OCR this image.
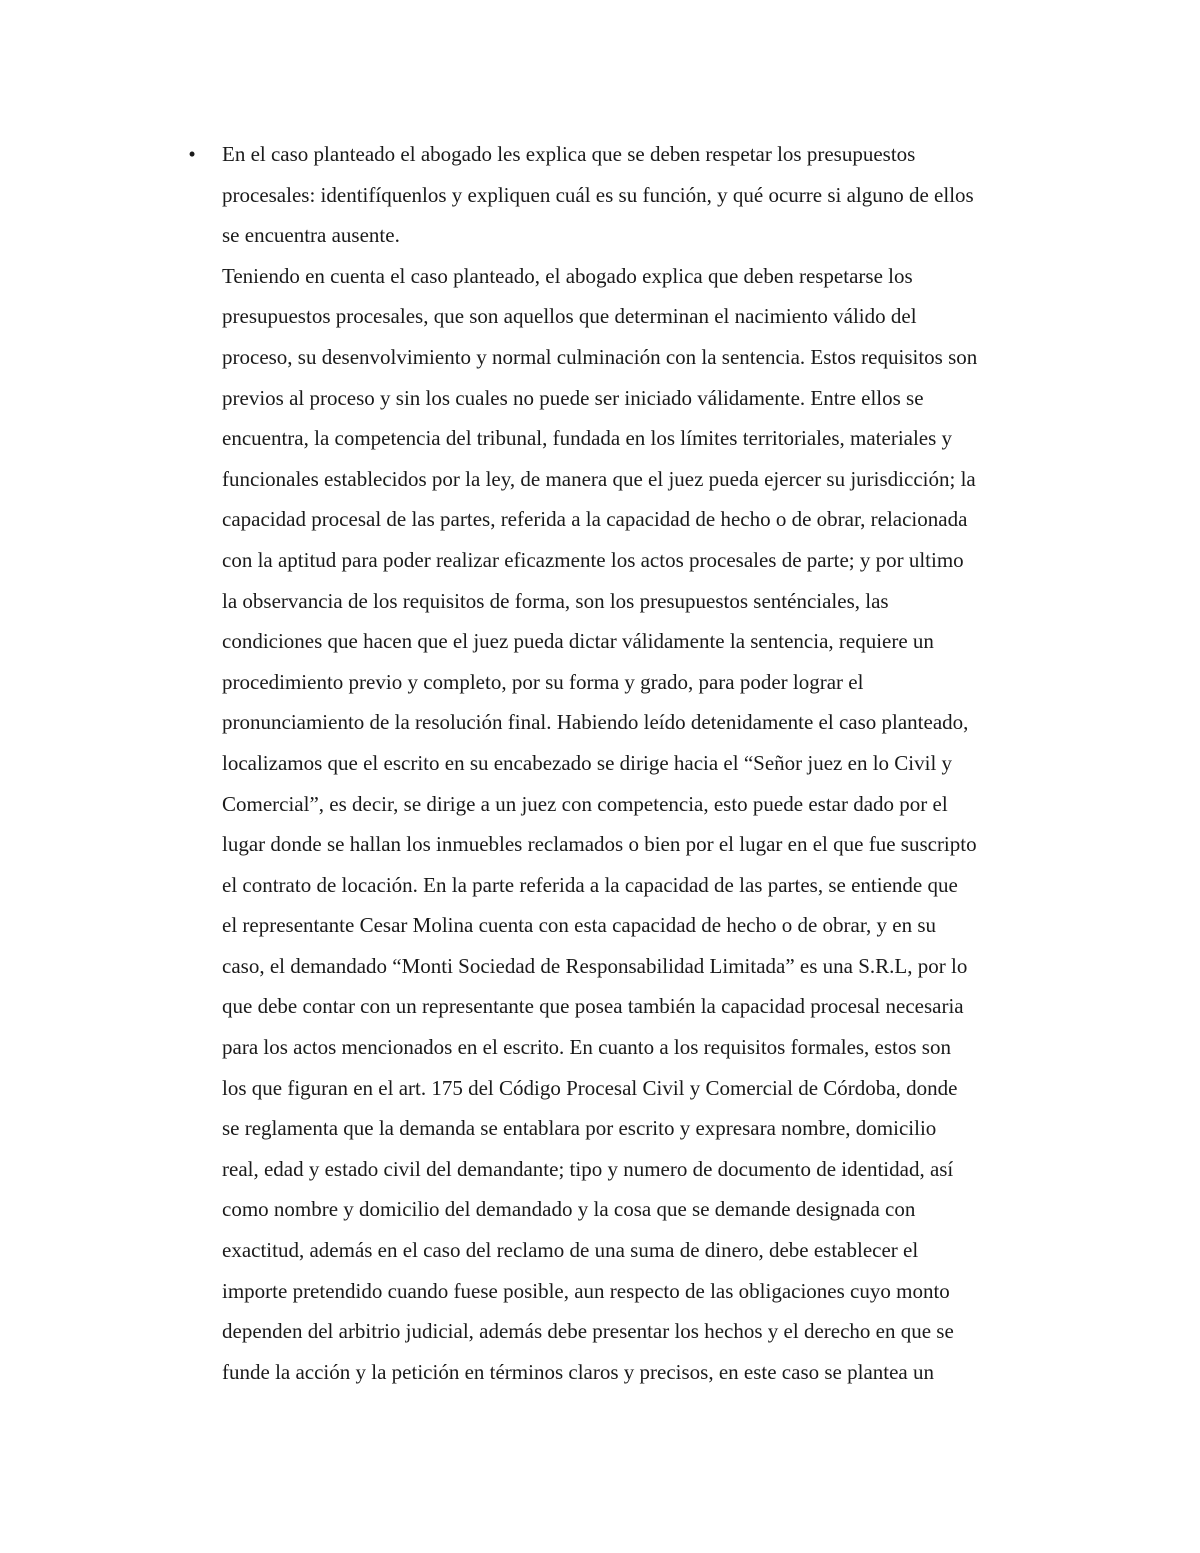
•	En el caso planteado el abogado les explica que se deben respetar los presupuestos
procesales: identifíquenlos y expliquen cuál es su función, y qué ocurre si alguno de ellos
se encuentra ausente.
Teniendo en cuenta el caso planteado, el abogado explica que deben respetarse los
presupuestos procesales, que son aquellos que determinan el nacimiento válido del
proceso, su desenvolvimiento y normal culminación con la sentencia. Estos requisitos son
previos al proceso y sin los cuales no puede ser iniciado válidamente. Entre ellos se
encuentra, la competencia del tribunal, fundada en los límites territoriales, materiales y
funcionales establecidos por la ley, de manera que el juez pueda ejercer su jurisdicción; la
capacidad procesal de las partes, referida a la capacidad de hecho o de obrar, relacionada
con la aptitud para poder realizar eficazmente los actos procesales de parte; y por ultimo
la observancia de los requisitos de forma, son los presupuestos senténciales, las
condiciones que hacen que el juez pueda dictar válidamente la sentencia, requiere un
procedimiento previo y completo, por su forma y grado, para poder lograr el
pronunciamiento de la resolución final. Habiendo leído detenidamente el caso planteado,
localizamos que el escrito en su encabezado se dirige hacia el “Señor juez en lo Civil y
Comercial”, es decir, se dirige a un juez con competencia, esto puede estar dado por el
lugar donde se hallan los inmuebles reclamados o bien por el lugar en el que fue suscripto
el contrato de locación. En la parte referida a la capacidad de las partes, se entiende que
el representante Cesar Molina cuenta con esta capacidad de hecho o de obrar, y en su
caso, el demandado “Monti Sociedad de Responsabilidad Limitada” es una S.R.L, por lo
que debe contar con un representante que posea también la capacidad procesal necesaria
para los actos mencionados en el escrito. En cuanto a los requisitos formales, estos son
los que figuran en el art. 175 del Código Procesal Civil y Comercial de Córdoba, donde
se reglamenta que la demanda se entablara por escrito y expresara nombre, domicilio
real, edad y estado civil del demandante; tipo y numero de documento de identidad, así
como nombre y domicilio del demandado y la cosa que se demande designada con
exactitud, además en el caso del reclamo de una suma de dinero, debe establecer el
importe pretendido cuando fuese posible, aun respecto de las obligaciones cuyo monto
dependen del arbitrio judicial, además debe presentar los hechos y el derecho en que se
funde la acción y la petición en términos claros y precisos, en este caso se plantea un
